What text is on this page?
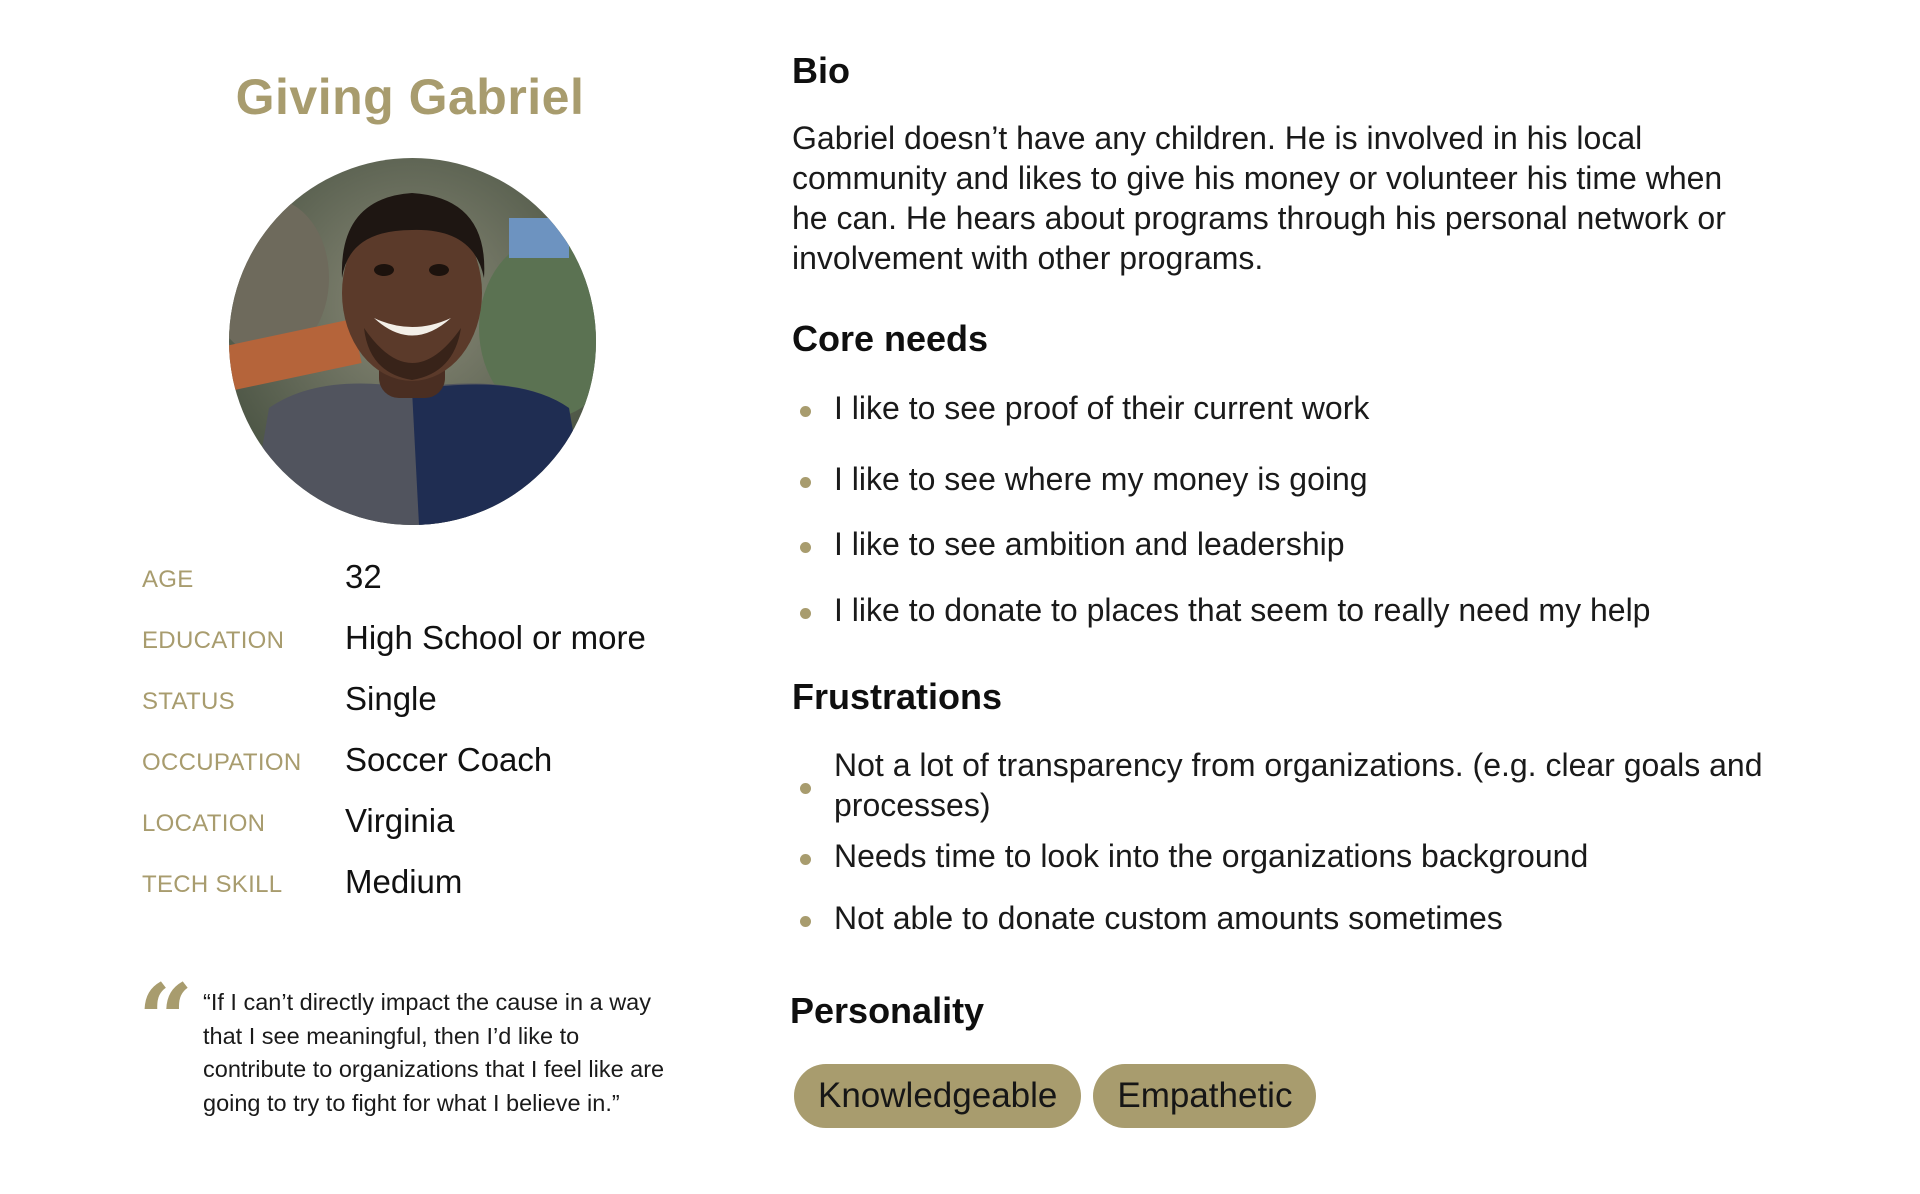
Giving Gabriel
AGE	32
EDUCATION High School or more
STATUS	Single
OCCUPATION Soccer Coach
LOCATION Virginia
TECH SKILL Medium
“ “If I can’t directly impact the cause in a way that I see meaningful, then I’d like to contribute to organizations that I feel like are going to try to fight for what I believe in.”
Bio
Gabriel doesn’t have any children. He is involved in his local community and likes to give his money or volunteer his time when he can. He hears about programs through his personal network or involvement with other programs.
Core needs
I like to see proof of their current work
I like to see where my money is going
I like to see ambition and leadership
I like to donate to places that seem to really need my help
Frustrations
Not a lot of transparency from organizations. (e.g. clear goals and processes)
Needs time to look into the organizations background
Not able to donate custom amounts sometimes
Personality
Knowledgeable Empathetic
